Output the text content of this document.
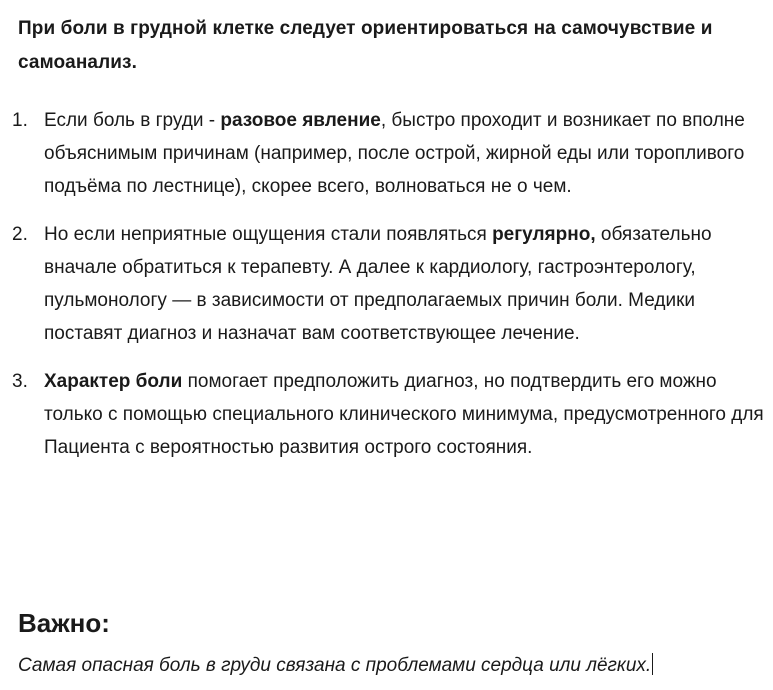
При боли в грудной клетке следует ориентироваться на самочувствие и самоанализ.
1. Если боль в груди - разовое явление, быстро проходит и возникает по вполне объяснимым причинам (например, после острой, жирной еды или торопливого подъёма по лестнице), скорее всего, волноваться не о чем.
2. Но если неприятные ощущения стали появляться регулярно, обязательно вначале обратиться к терапевту. А далее к кардиологу, гастроэнтерологу, пульмонологу — в зависимости от предполагаемых причин боли. Медики поставят диагноз и назначат вам соответствующее лечение.
3. Характер боли помогает предположить диагноз, но подтвердить его можно только с помощью специального клинического минимума, предусмотренного для Пациента с вероятностью развития острого состояния.
Важно:
Самая опасная боль в груди связана с проблемами сердца или лёгких.
